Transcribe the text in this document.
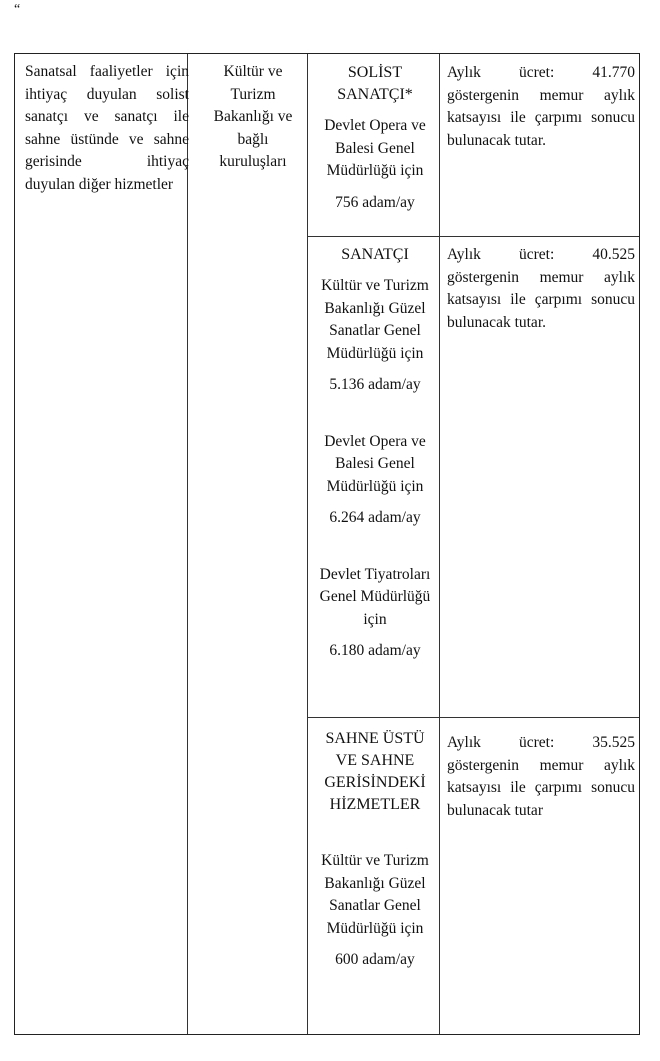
“
Sanatsal faaliyetler için
ihtiyaç duyulan solist
sanatçı ve sanatçı ile
sahne üstünde ve sahne
gerisinde ihtiyaç
duyulan diğer hizmetler
Kültür ve
Turizm
Bakanlığı ve
bağlı
kuruluşları
SOLİST
SANATÇI*
Devlet Opera ve
Balesi Genel
Müdürlüğü için
756 adam/ay
Aylık ücret: 41.770
göstergenin memur aylık
katsayısı ile çarpımı sonucu
bulunacak tutar.
SANATÇI
Kültür ve Turizm
Bakanlığı Güzel
Sanatlar Genel
Müdürlüğü için
5.136 adam/ay
Devlet Opera ve
Balesi Genel
Müdürlüğü için
6.264 adam/ay
Devlet Tiyatroları
Genel Müdürlüğü
için
6.180 adam/ay
Aylık ücret: 40.525
göstergenin memur aylık
katsayısı ile çarpımı sonucu
bulunacak tutar.
SAHNE ÜSTÜ
VE SAHNE
GERİSİNDEKİ
HİZMETLER
Kültür ve Turizm
Bakanlığı Güzel
Sanatlar Genel
Müdürlüğü için
600 adam/ay
Aylık ücret: 35.525
göstergenin memur aylık
katsayısı ile çarpımı sonucu
bulunacak tutar
